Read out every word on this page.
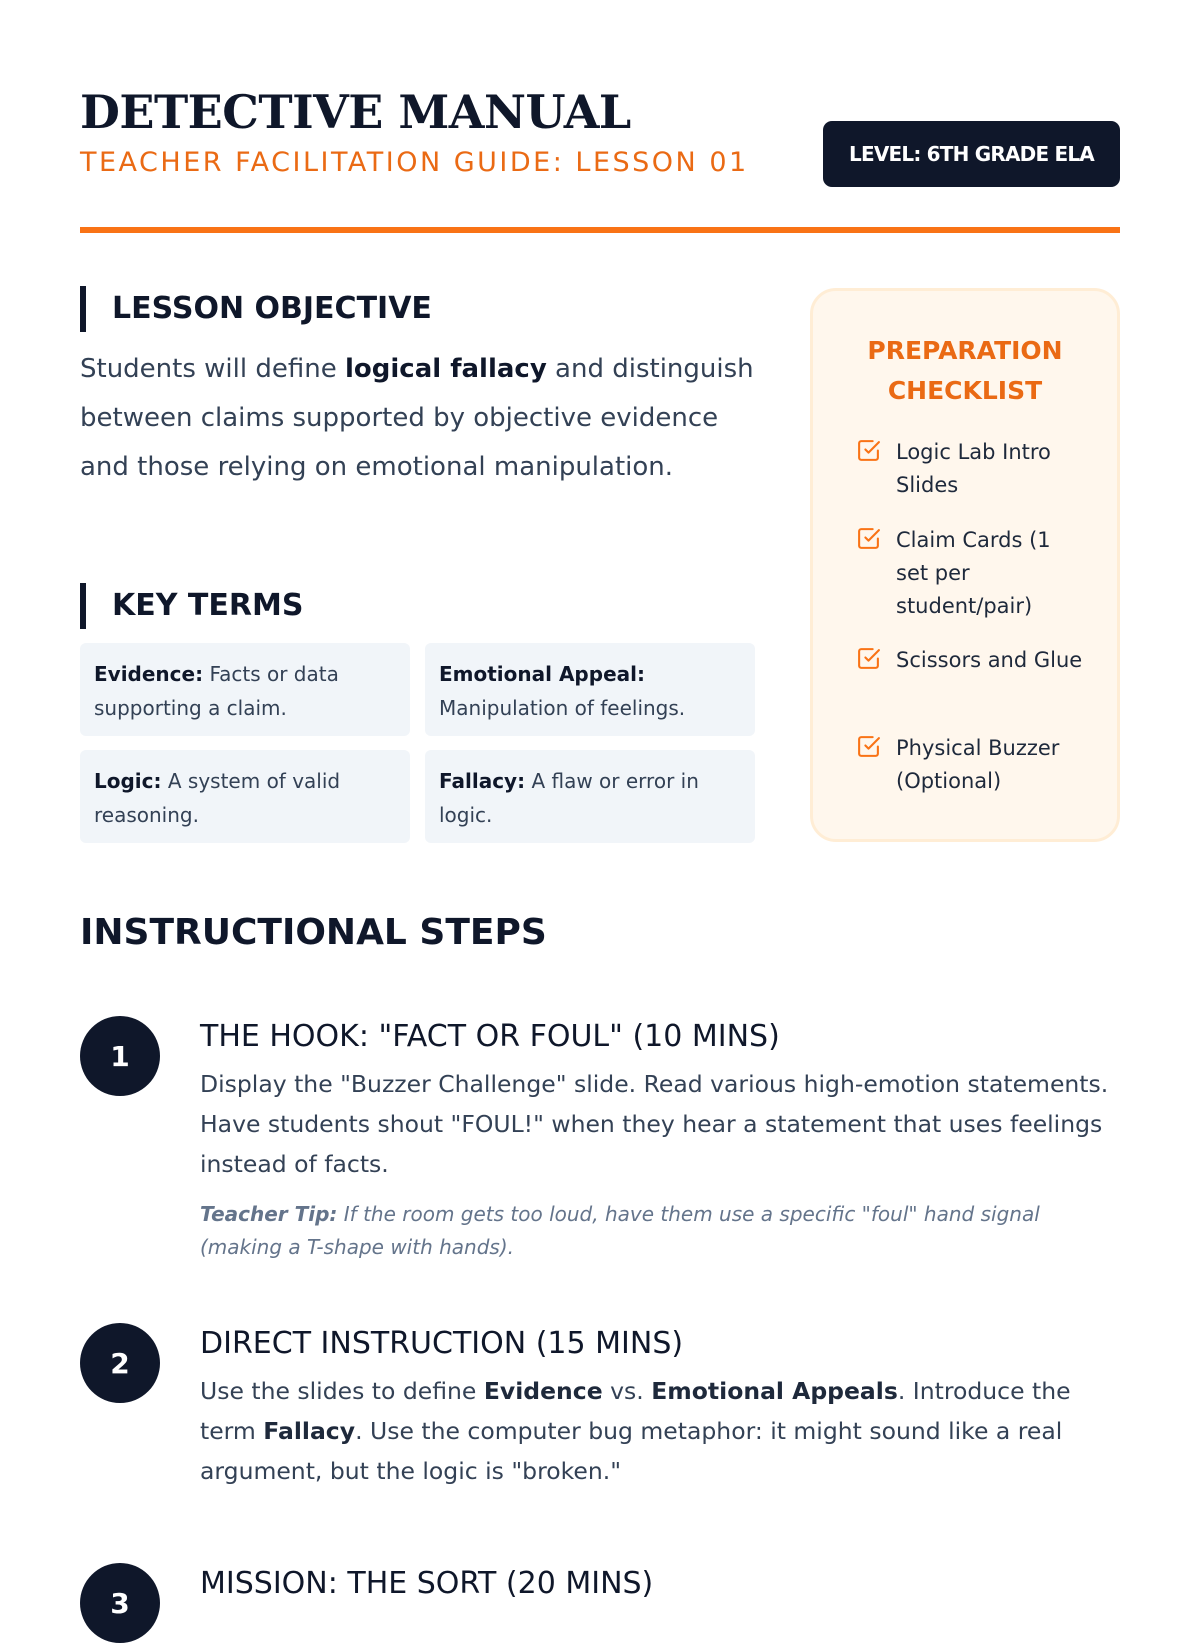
DETECTIVE MANUAL
TEACHER FACILITATION GUIDE: LESSON 01	LEVEL: 6TH GRADE ELA
LESSON OBJECTIVE

Students will define logical fallacy and distinguish between claims supported by objective evidence and those relying on emotional manipulation.

KEY TERMS
Evidence: Facts or data supporting a claim.
Emotional Appeal: Manipulation of feelings.
Logic: A system of valid reasoning.
Fallacy: A flaw or error in logic.
PREPARATION CHECKLIST
Logic Lab Intro Slides
Claim Cards (1 set per student/pair)
Scissors and Glue
Physical Buzzer (Optional)
INSTRUCTIONAL STEPS
1
THE HOOK: "FACT OR FOUL" (10 MINS)

Display the "Buzzer Challenge" slide. Read various high-emotion statements. Have students shout "FOUL!" when they hear a statement that uses feelings instead of facts.

Teacher Tip: If the room gets too loud, have them use a specific "foul" hand signal (making a T-shape with hands).

2
DIRECT INSTRUCTION (15 MINS)

Use the slides to define Evidence vs. Emotional Appeals. Introduce the term Fallacy. Use the computer bug metaphor: it might sound like a real argument, but the logic is "broken."

3
MISSION: THE SORT (20 MINS)
